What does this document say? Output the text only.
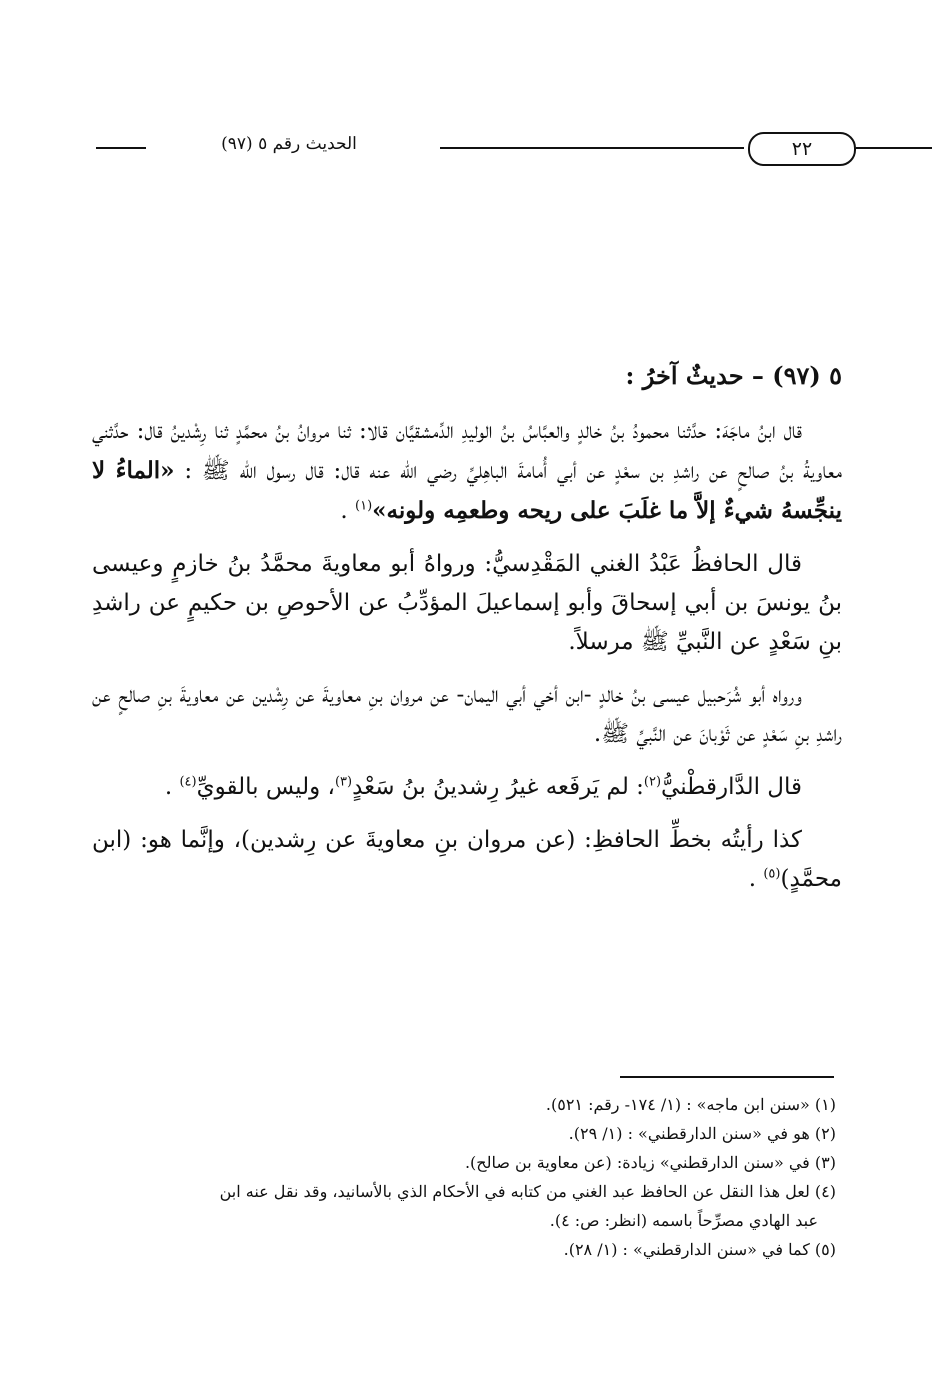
الحديث رقم ٥ (٩٧)	٢٢

٥ (٩٧) – حديثٌ آخرُ :

قال ابنُ ماجَهَ: حدَّثنا محمودُ بنُ خالدٍ والعبَّاسُ بنُ الوليدِ الدِّمشقيَّان قالا: ثنا مروانُ بنُ محمَّدٍ ثنا رِشْدينُ قال: حدَّثني معاويةُ بنُ صالحٍ عن راشدِ بن سعْدٍ عن أبي أُمامةَ الباهِليِّ رضي الله عنه قال: قال رسول الله ﷺ : «الماءُ لا ينجِّسهُ شيءٌ إلاَّ ما غلَبَ على ريحه وطعمِه ولونه»$^{(١)}$ .

قال الحافظُ عَبْدُ الغني المَقْدِسيُّ: ورواهُ أبو معاويةَ محمَّدُ بنُ خازمٍ وعيسى بنُ يونسَ بن أبي إسحاقَ وأبو إسماعيلَ المؤدِّبُ عن الأحوصِ بن حكيمٍ عن راشدِ بنِ سَعْدٍ عن النَّبيِّ ﷺ مرسلاً.

ورواه أبو شُرَحبيل عيسى بنُ خالدٍ -ابن أخي أبي اليمان- عن مروان بنِ معاويةَ عن رِشْدين عن معاويةَ بنِ صالحٍ عن راشدِ بنِ سَعْدٍ عن ثَوْبانَ عن النَّبيِّ ﷺ.

قال الدَّارقطْنيُّ$^{(٢)}$: لم يَرفَعه غيرُ رِشدينُ بنُ سَعْدٍ$^{(٣)}$، وليس بالقويِّ$^{(٤)}$ .

كذا رأيتُه بخطِّ الحافظِ: (عن مروان بنِ معاويةَ عن رِشدين)، وإنَّما هو: (ابن محمَّدٍ)$^{(٥)}$ .

(١) «سنن ابن ماجه» : (١/ ١٧٤- رقم: ٥٢١).

(٢) هو في «سنن الدارقطني» : (١/ ٢٩).

(٣) في «سنن الدارقطني» زيادة: (عن معاوية بن صالح).

(٤) لعل هذا النقل عن الحافظ عبد الغني من كتابه في الأحكام الذي بالأسانيد، وقد نقل عنه ابن

عبد الهادي مصرِّحاً باسمه (انظر: ص: ٤).

(٥) كما في «سنن الدارقطني» : (١/ ٢٨).
